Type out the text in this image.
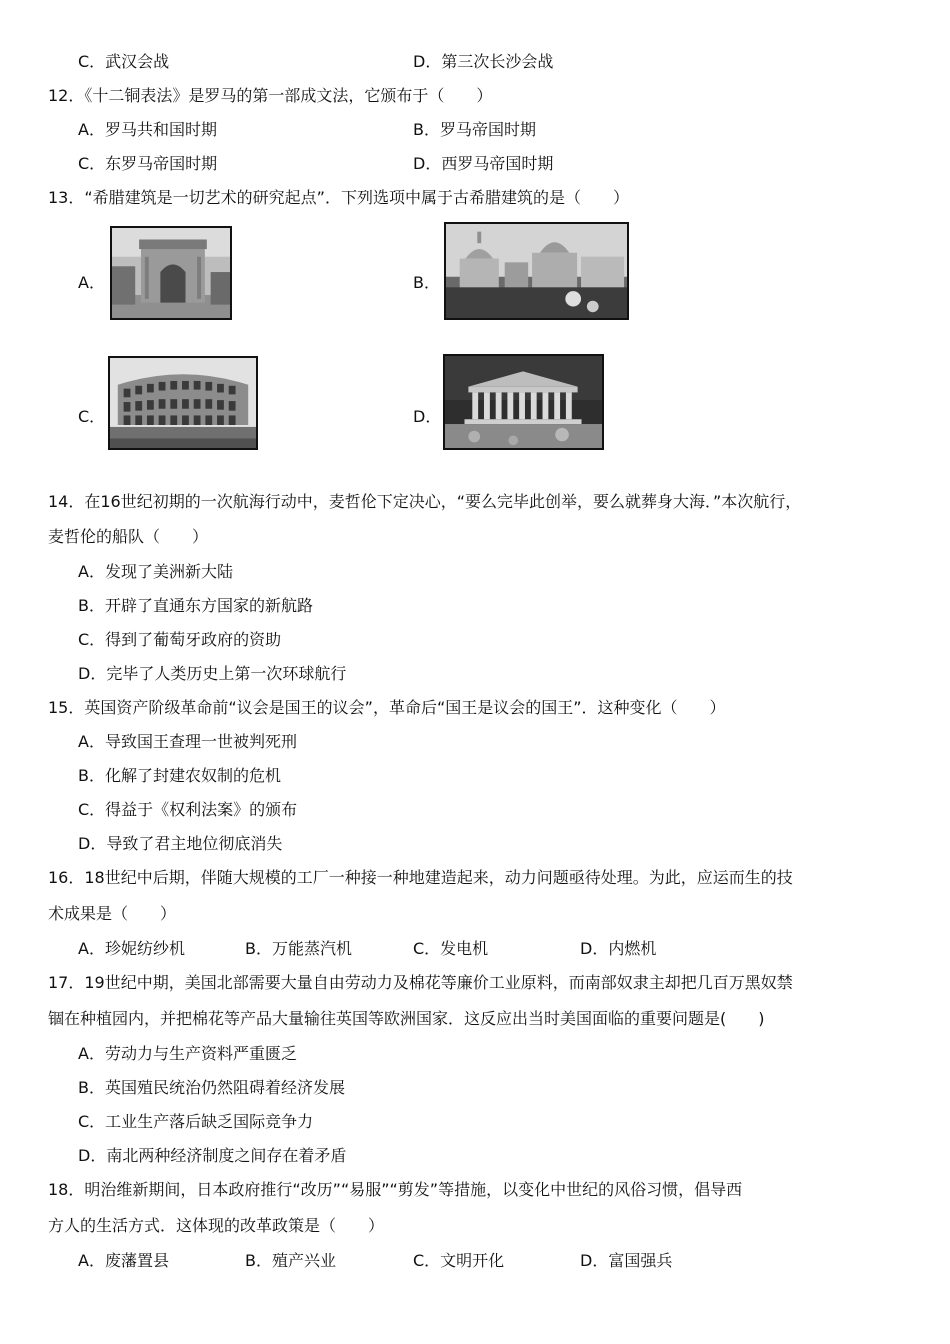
C．武汉会战	D．第三次长沙会战
12．《十二铜表法》是罗马的第一部成文法，它颁布于（　　）
A．罗马共和国时期	B．罗马帝国时期
C．东罗马帝国时期	D．西罗马帝国时期
13．“希腊建筑是一切艺术的研究起点”．下列选项中属于古希腊建筑的是（　　）
A．	B．
C．	D．
14．在16世纪初期的一次航海行动中，麦哲伦下定决心，“要么完毕此创举，要么就葬身大海．”本次航行，
麦哲伦的船队（　　）
A．发现了美洲新大陆
B．开辟了直通东方国家的新航路
C．得到了葡萄牙政府的资助
D．完毕了人类历史上第一次环球航行
15．英国资产阶级革命前“议会是国王的议会”，革命后“国王是议会的国王”．这种变化（　　）
A．导致国王查理一世被判死刑
B．化解了封建农奴制的危机
C．得益于《权利法案》的颁布
D．导致了君主地位彻底消失
16．18世纪中后期，伴随大规模的工厂一种接一种地建造起来，动力问题亟待处理。为此，应运而生的技
术成果是（　　）
A．珍妮纺纱机	B．万能蒸汽机	C．发电机	D．内燃机
17．19世纪中期，美国北部需要大量自由劳动力及棉花等廉价工业原料，而南部奴隶主却把几百万黑奴禁
锢在种植园内，并把棉花等产品大量输往英国等欧洲国家．这反应出当时美国面临的重要问题是(　　)
A．劳动力与生产资料严重匮乏
B．英国殖民统治仍然阻碍着经济发展
C．工业生产落后缺乏国际竞争力
D．南北两种经济制度之间存在着矛盾
18．明治维新期间，日本政府推行“改历”“易服”“剪发”等措施，以变化中世纪的风俗习惯，倡导西
方人的生活方式．这体现的改革政策是（　　）
A．废藩置县	B．殖产兴业	C．文明开化	D．富国强兵
